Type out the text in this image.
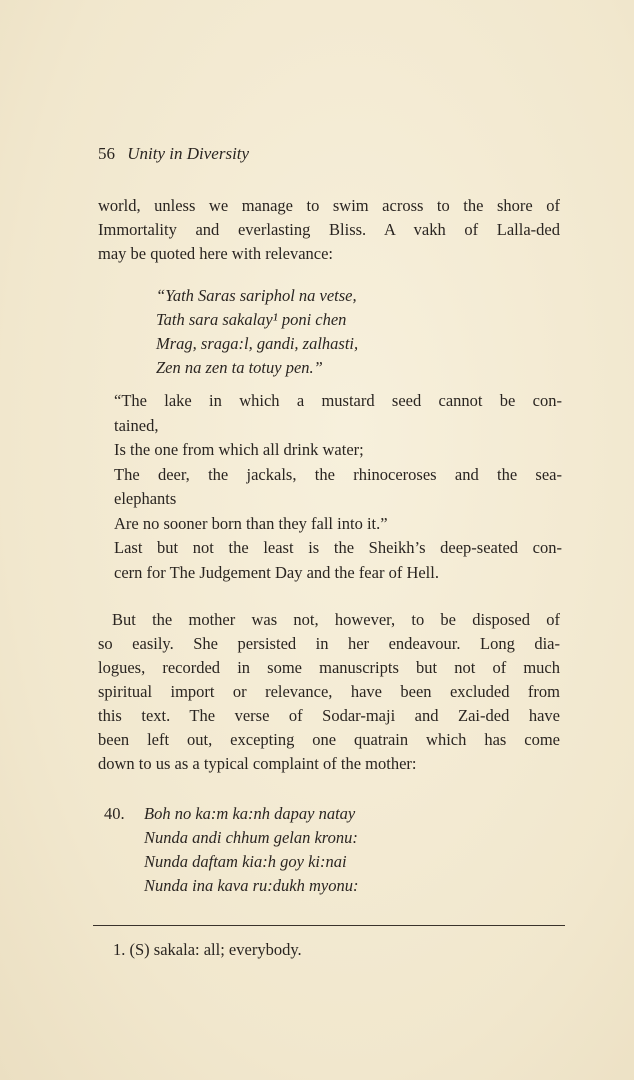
56 Unity in Diversity
world, unless we manage to swim across to the shore of
Immortality and everlasting Bliss. A vakh of Lalla-ded
may be quoted here with relevance:
“Yath Saras sariphol na vetse,
Tath sara sakalay¹ poni chen
Mrag, sraga:l, gandi, zalhasti,
Zen na zen ta totuy pen.”
“The lake in which a mustard seed cannot be con-
tained,
Is the one from which all drink water;
The deer, the jackals, the rhinoceroses and the sea-
elephants
Are no sooner born than they fall into it.”
Last but not the least is the Sheikh’s deep-seated con-
cern for The Judgement Day and the fear of Hell.
But the mother was not, however, to be disposed of
so easily. She persisted in her endeavour. Long dia-
logues, recorded in some manuscripts but not of much
spiritual import or relevance, have been excluded from
this text. The verse of Sodar-maji and Zai-ded have
been left out, excepting one quatrain which has come
down to us as a typical complaint of the mother:
40. Boh no ka:m ka:nh dapay natay
Nunda andi chhum gelan kronu:
Nunda daftam kia:h goy ki:nai
Nunda ina kava ru:dukh myonu:
1. (S) sakala: all; everybody.
